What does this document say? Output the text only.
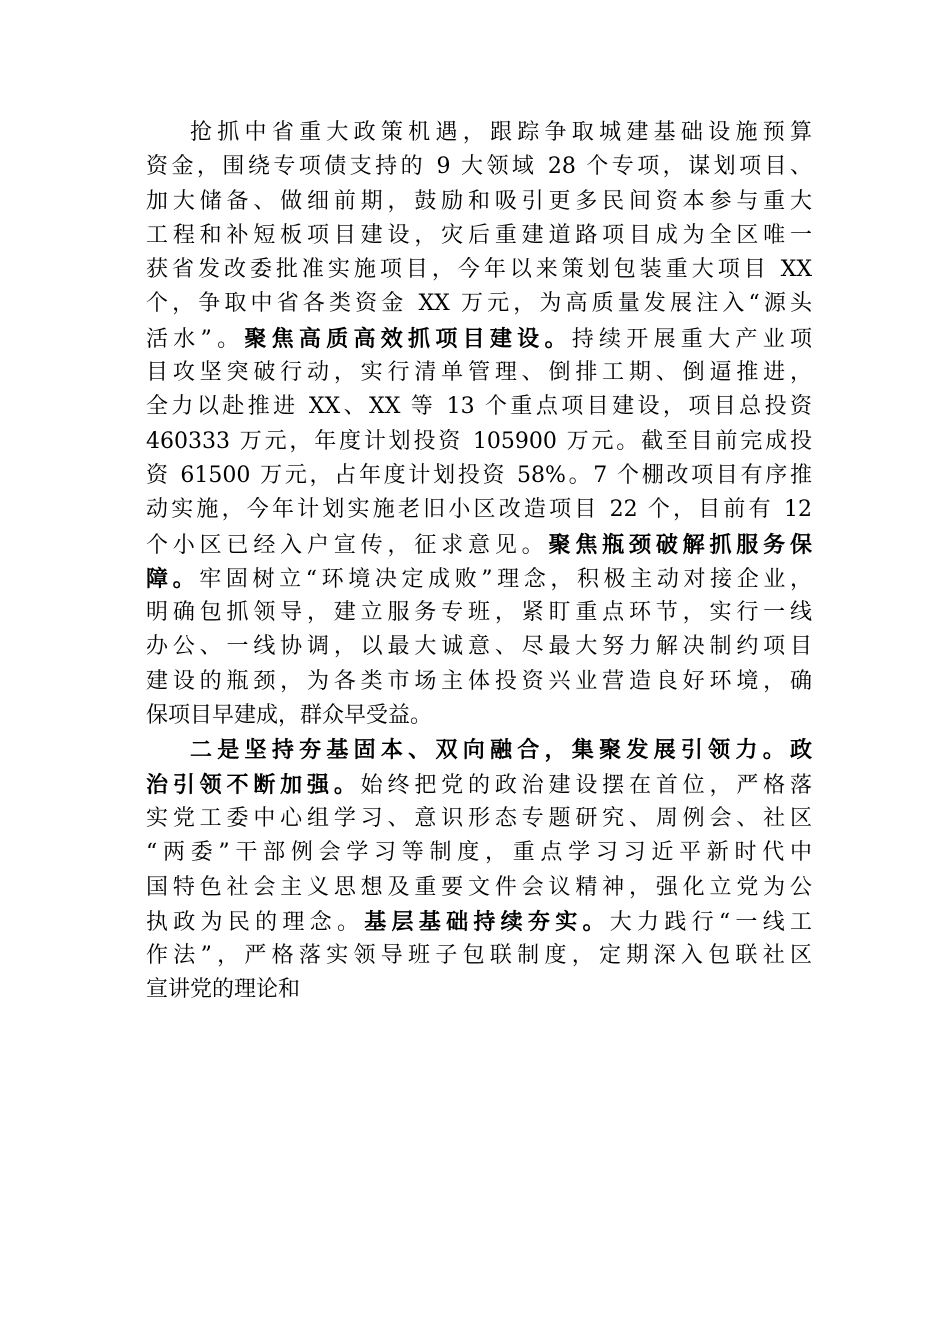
抢抓中省重大政策机遇，跟踪争取城建基础设施预算
资金，围绕专项债支持的 9 大领域 28 个专项，谋划项目、
加大储备、做细前期，鼓励和吸引更多民间资本参与重大
工程和补短板项目建设，灾后重建道路项目成为全区唯一
获省发改委批准实施项目，今年以来策划包装重大项目 XX
个，争取中省各类资金 XX 万元，为高质量发展注入“源头
活水”。聚焦高质高效抓项目建设。持续开展重大产业项
目攻坚突破行动，实行清单管理、倒排工期、倒逼推进，
全力以赴推进 XX、XX 等 13 个重点项目建设，项目总投资
460333 万元，年度计划投资 105900 万元。截至目前完成投
资 61500 万元，占年度计划投资 58%。7 个棚改项目有序推
动实施，今年计划实施老旧小区改造项目 22 个，目前有 12
个小区已经入户宣传，征求意见。聚焦瓶颈破解抓服务保
障。牢固树立“环境决定成败”理念，积极主动对接企业，
明确包抓领导，建立服务专班，紧盯重点环节，实行一线
办公、一线协调，以最大诚意、尽最大努力解决制约项目
建设的瓶颈，为各类市场主体投资兴业营造良好环境，确
保项目早建成，群众早受益。
二是坚持夯基固本、双向融合，集聚发展引领力。政
治引领不断加强。始终把党的政治建设摆在首位，严格落
实党工委中心组学习、意识形态专题研究、周例会、社区
“两委”干部例会学习等制度，重点学习习近平新时代中
国特色社会主义思想及重要文件会议精神，强化立党为公
执政为民的理念。基层基础持续夯实。大力践行“一线工
作法”，严格落实领导班子包联制度，定期深入包联社区
宣讲党的理论和
